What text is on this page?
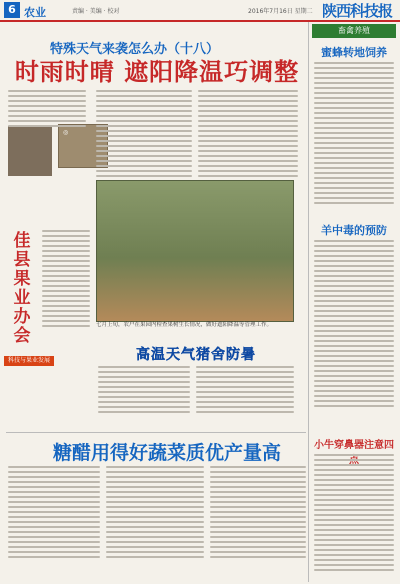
6 农业	责编 · 美编 · 校对	2016年7月16日 星期二 陕西科技报
特殊天气来袭怎么办（十八）
时雨时晴 遮阳降温巧调整
◎
佳县果业办会
科技与果业发展
七月上旬，农户在果园内检查果树生长情况，做好遮阳降温等管理工作。
高温天气猪舍防暑
糖醋用得好蔬菜质优产量高
畜禽养殖
蜜蜂转地饲养
羊中毒的预防
小牛穿鼻器注意四
